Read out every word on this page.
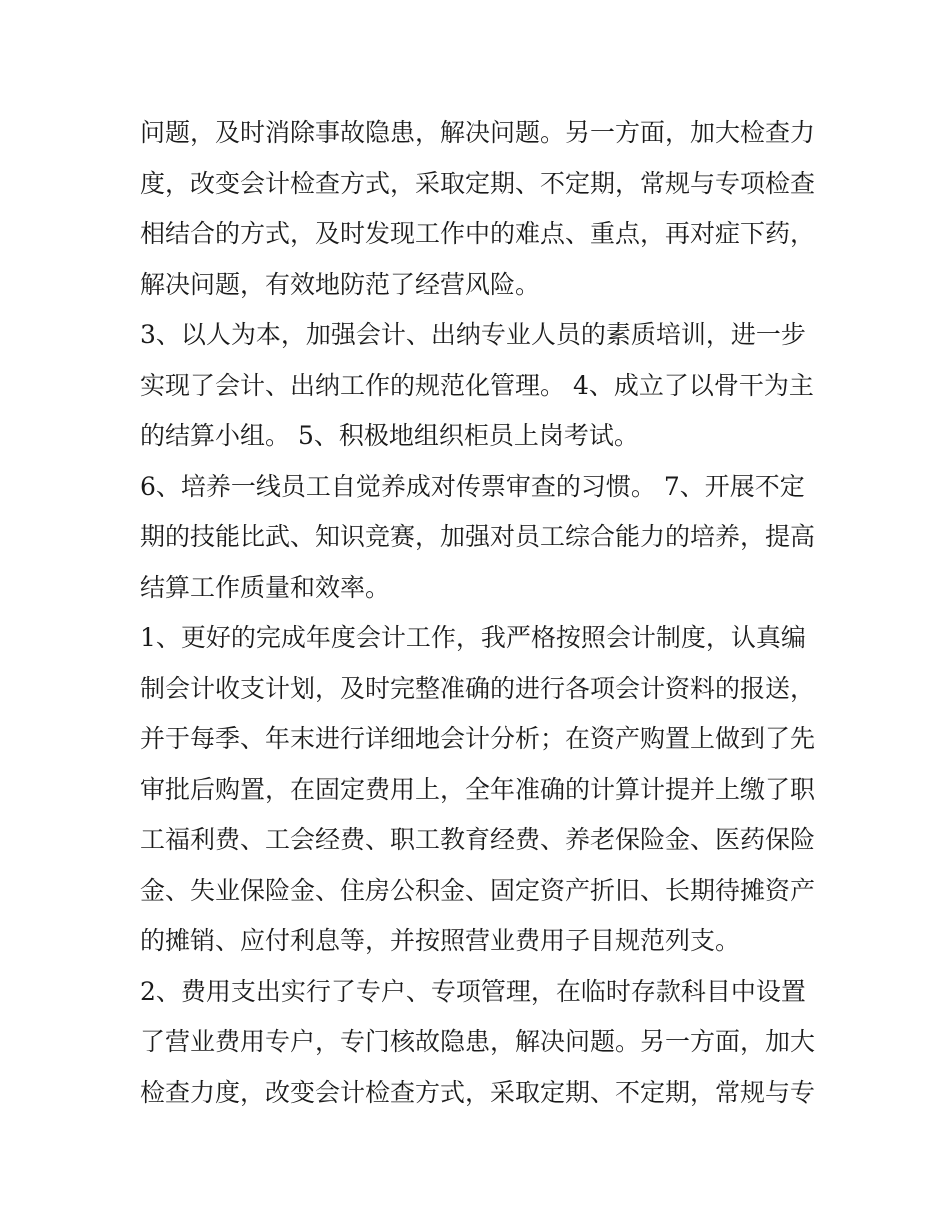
问题，及时消除事故隐患，解决问题。另一方面，加大检查力
度，改变会计检查方式，采取定期、不定期，常规与专项检查
相结合的方式，及时发现工作中的难点、重点，再对症下药，
解决问题，有效地防范了经营风险。
3、以人为本，加强会计、出纳专业人员的素质培训，进一步
实现了会计、出纳工作的规范化管理。 4、成立了以骨干为主
的结算小组。 5、积极地组织柜员上岗考试。
6、培养一线员工自觉养成对传票审查的习惯。 7、开展不定
期的技能比武、知识竞赛，加强对员工综合能力的培养，提高
结算工作质量和效率。
1、更好的完成年度会计工作，我严格按照会计制度，认真编
制会计收支计划，及时完整准确的进行各项会计资料的报送，
并于每季、年末进行详细地会计分析；在资产购置上做到了先
审批后购置，在固定费用上，全年准确的计算计提并上缴了职
工福利费、工会经费、职工教育经费、养老保险金、医药保险
金、失业保险金、住房公积金、固定资产折旧、长期待摊资产
的摊销、应付利息等，并按照营业费用子目规范列支。
2、费用支出实行了专户、专项管理，在临时存款科目中设置
了营业费用专户，专门核故隐患，解决问题。另一方面，加大
检查力度，改变会计检查方式，采取定期、不定期，常规与专
